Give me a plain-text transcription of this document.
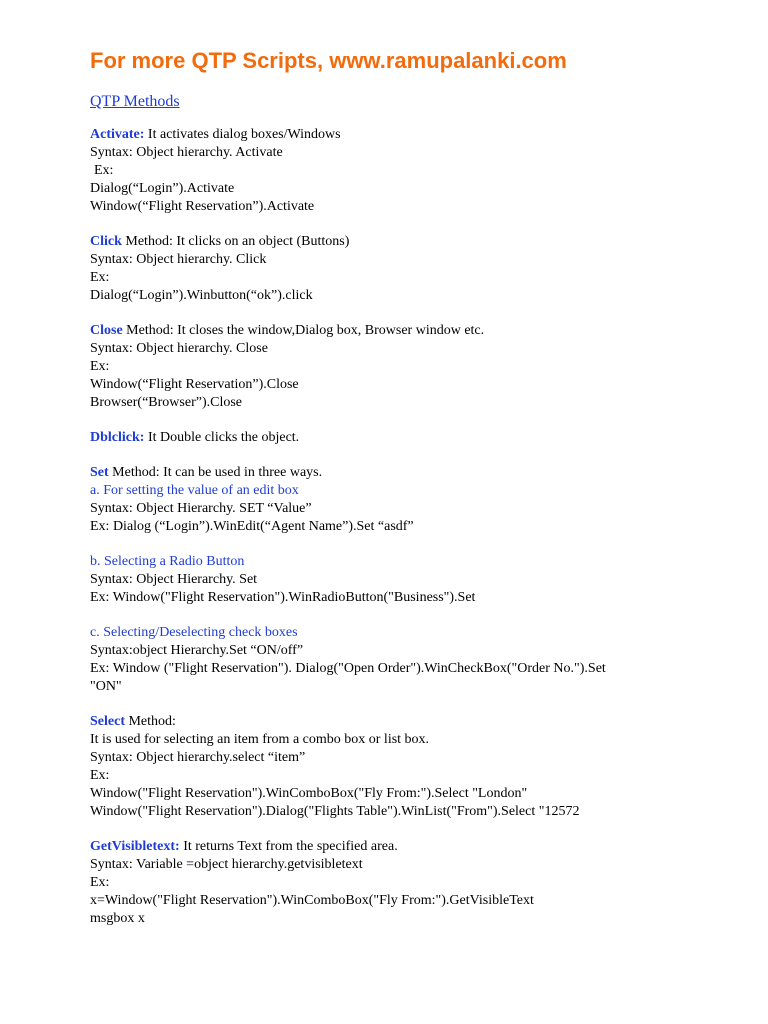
For more QTP Scripts, www.ramupalanki.com
QTP Methods
Activate: It activates dialog boxes/Windows
Syntax: Object hierarchy. Activate
Ex:
Dialog(“Login”).Activate
Window(“Flight Reservation”).Activate
Click Method: It clicks on an object (Buttons)
Syntax: Object hierarchy. Click
Ex:
Dialog(“Login”).Winbutton(“ok”).click
Close Method: It closes the window,Dialog box, Browser window etc.
Syntax: Object hierarchy. Close
Ex:
Window(“Flight Reservation”).Close
Browser(“Browser”).Close
Dblclick: It Double clicks the object.
Set Method: It can be used in three ways.
a. For setting the value of an edit box
Syntax: Object Hierarchy. SET “Value”
Ex: Dialog (“Login”).WinEdit(“Agent Name”).Set “asdf”
b. Selecting a Radio Button
Syntax: Object Hierarchy. Set
Ex: Window("Flight Reservation").WinRadioButton("Business").Set
c. Selecting/Deselecting check boxes
Syntax:object Hierarchy.Set “ON/off”
Ex: Window ("Flight Reservation"). Dialog("Open Order").WinCheckBox("Order No.").Set
"ON"
Select Method:
It is used for selecting an item from a combo box or list box.
Syntax: Object hierarchy.select “item”
Ex:
Window("Flight Reservation").WinComboBox("Fly From:").Select "London"
Window("Flight Reservation").Dialog("Flights Table").WinList("From").Select "12572
GetVisibletext: It returns Text from the specified area.
Syntax: Variable =object hierarchy.getvisibletext
Ex:
x=Window("Flight Reservation").WinComboBox("Fly From:").GetVisibleText
msgbox x
